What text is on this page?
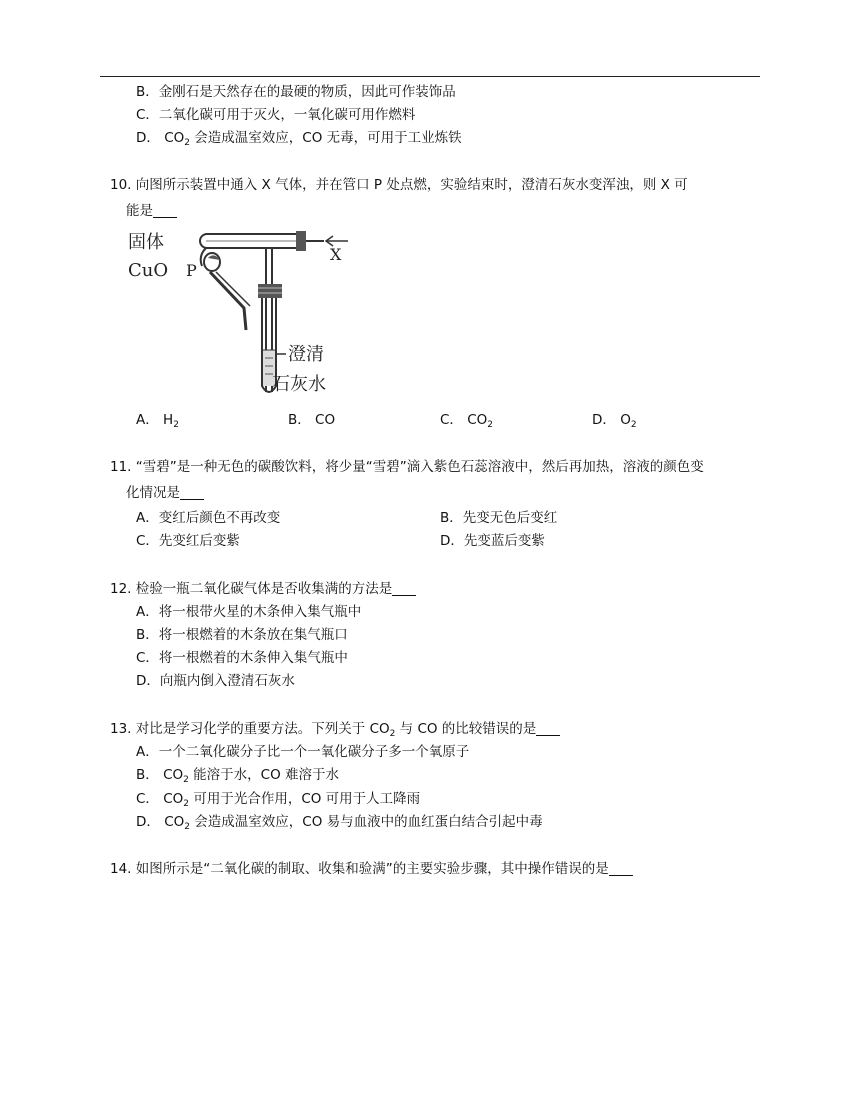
B．金刚石是天然存在的最硬的物质，因此可作装饰品
C．二氧化碳可用于灭火，一氧化碳可用作燃料
D． $CO_2$ 会造成温室效应，CO 无毒，可用于工业炼铁
10. 向图所示装置中通入 X 气体，并在管口 P 处点燃，实验结束时，澄清石灰水变浑浊，则 X 可
能是
X
固体
CuO P
澄清
石灰水
A． $H_2$	B． CO	C． $CO_2$	D． $O_2$
11. “雪碧”是一种无色的碳酸饮料，将少量“雪碧”滴入紫色石蕊溶液中，然后再加热，溶液的颜色变
化情况是
A．变红后颜色不再改变	B．先变无色后变红
C．先变红后变紫	D．先变蓝后变紫
12. 检验一瓶二氧化碳气体是否收集满的方法是
A．将一根带火星的木条伸入集气瓶中
B．将一根燃着的木条放在集气瓶口
C．将一根燃着的木条伸入集气瓶中
D．向瓶内倒入澄清石灰水
13. 对比是学习化学的重要方法。下列关于 $CO_2$ 与 CO 的比较错误的是
A．一个二氧化碳分子比一个一氧化碳分子多一个氧原子
B． $CO_2$ 能溶于水，CO 难溶于水
C． $CO_2$ 可用于光合作用，CO 可用于人工降雨
D． $CO_2$ 会造成温室效应，CO 易与血液中的血红蛋白结合引起中毒
14. 如图所示是“二氧化碳的制取、收集和验满”的主要实验步骤，其中操作错误的是
